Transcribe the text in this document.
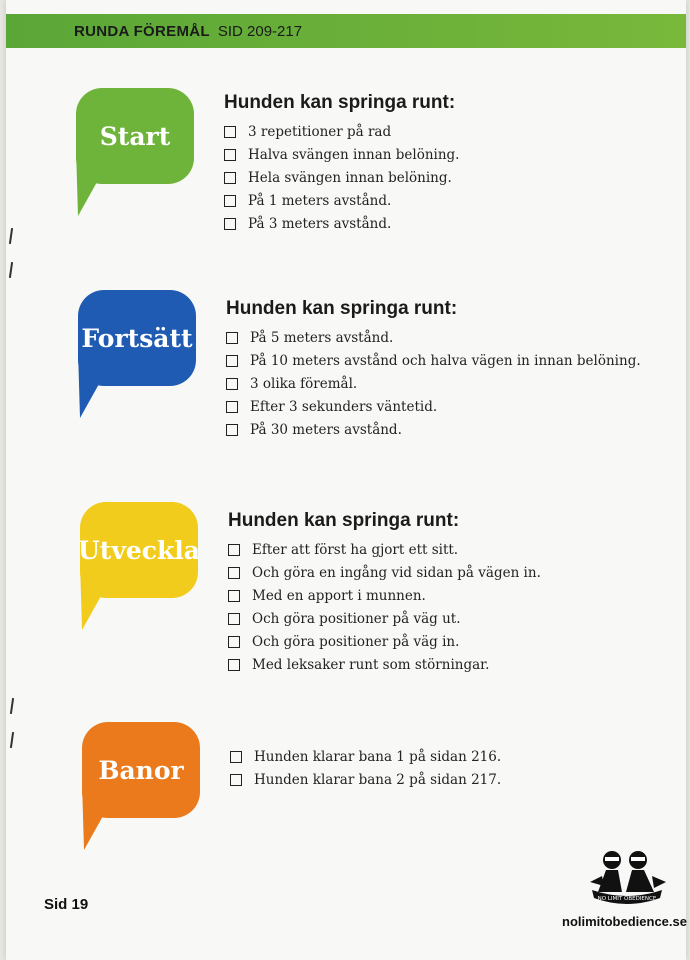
RUNDA FÖREMÅL SID 209-217
Start
Hunden kan springa runt:
3 repetitioner på rad
Halva svängen innan belöning.
Hela svängen innan belöning.
På 1 meters avstånd.
På 3 meters avstånd.
Fortsätt
Hunden kan springa runt:
På 5 meters avstånd.
På 10 meters avstånd och halva vägen in innan belöning.
3 olika föremål.
Efter 3 sekunders väntetid.
På 30 meters avstånd.
Utveckla
Hunden kan springa runt:
Efter att först ha gjort ett sitt.
Och göra en ingång vid sidan på vägen in.
Med en apport i munnen.
Och göra positioner på väg ut.
Och göra positioner på väg in.
Med leksaker runt som störningar.
Banor	Hunden klarar bana 1 på sidan 216.
Hunden klarar bana 2 på sidan 217.
Sid 19	NO LIMIT OBEDIENCE
nolimitobedience.se
